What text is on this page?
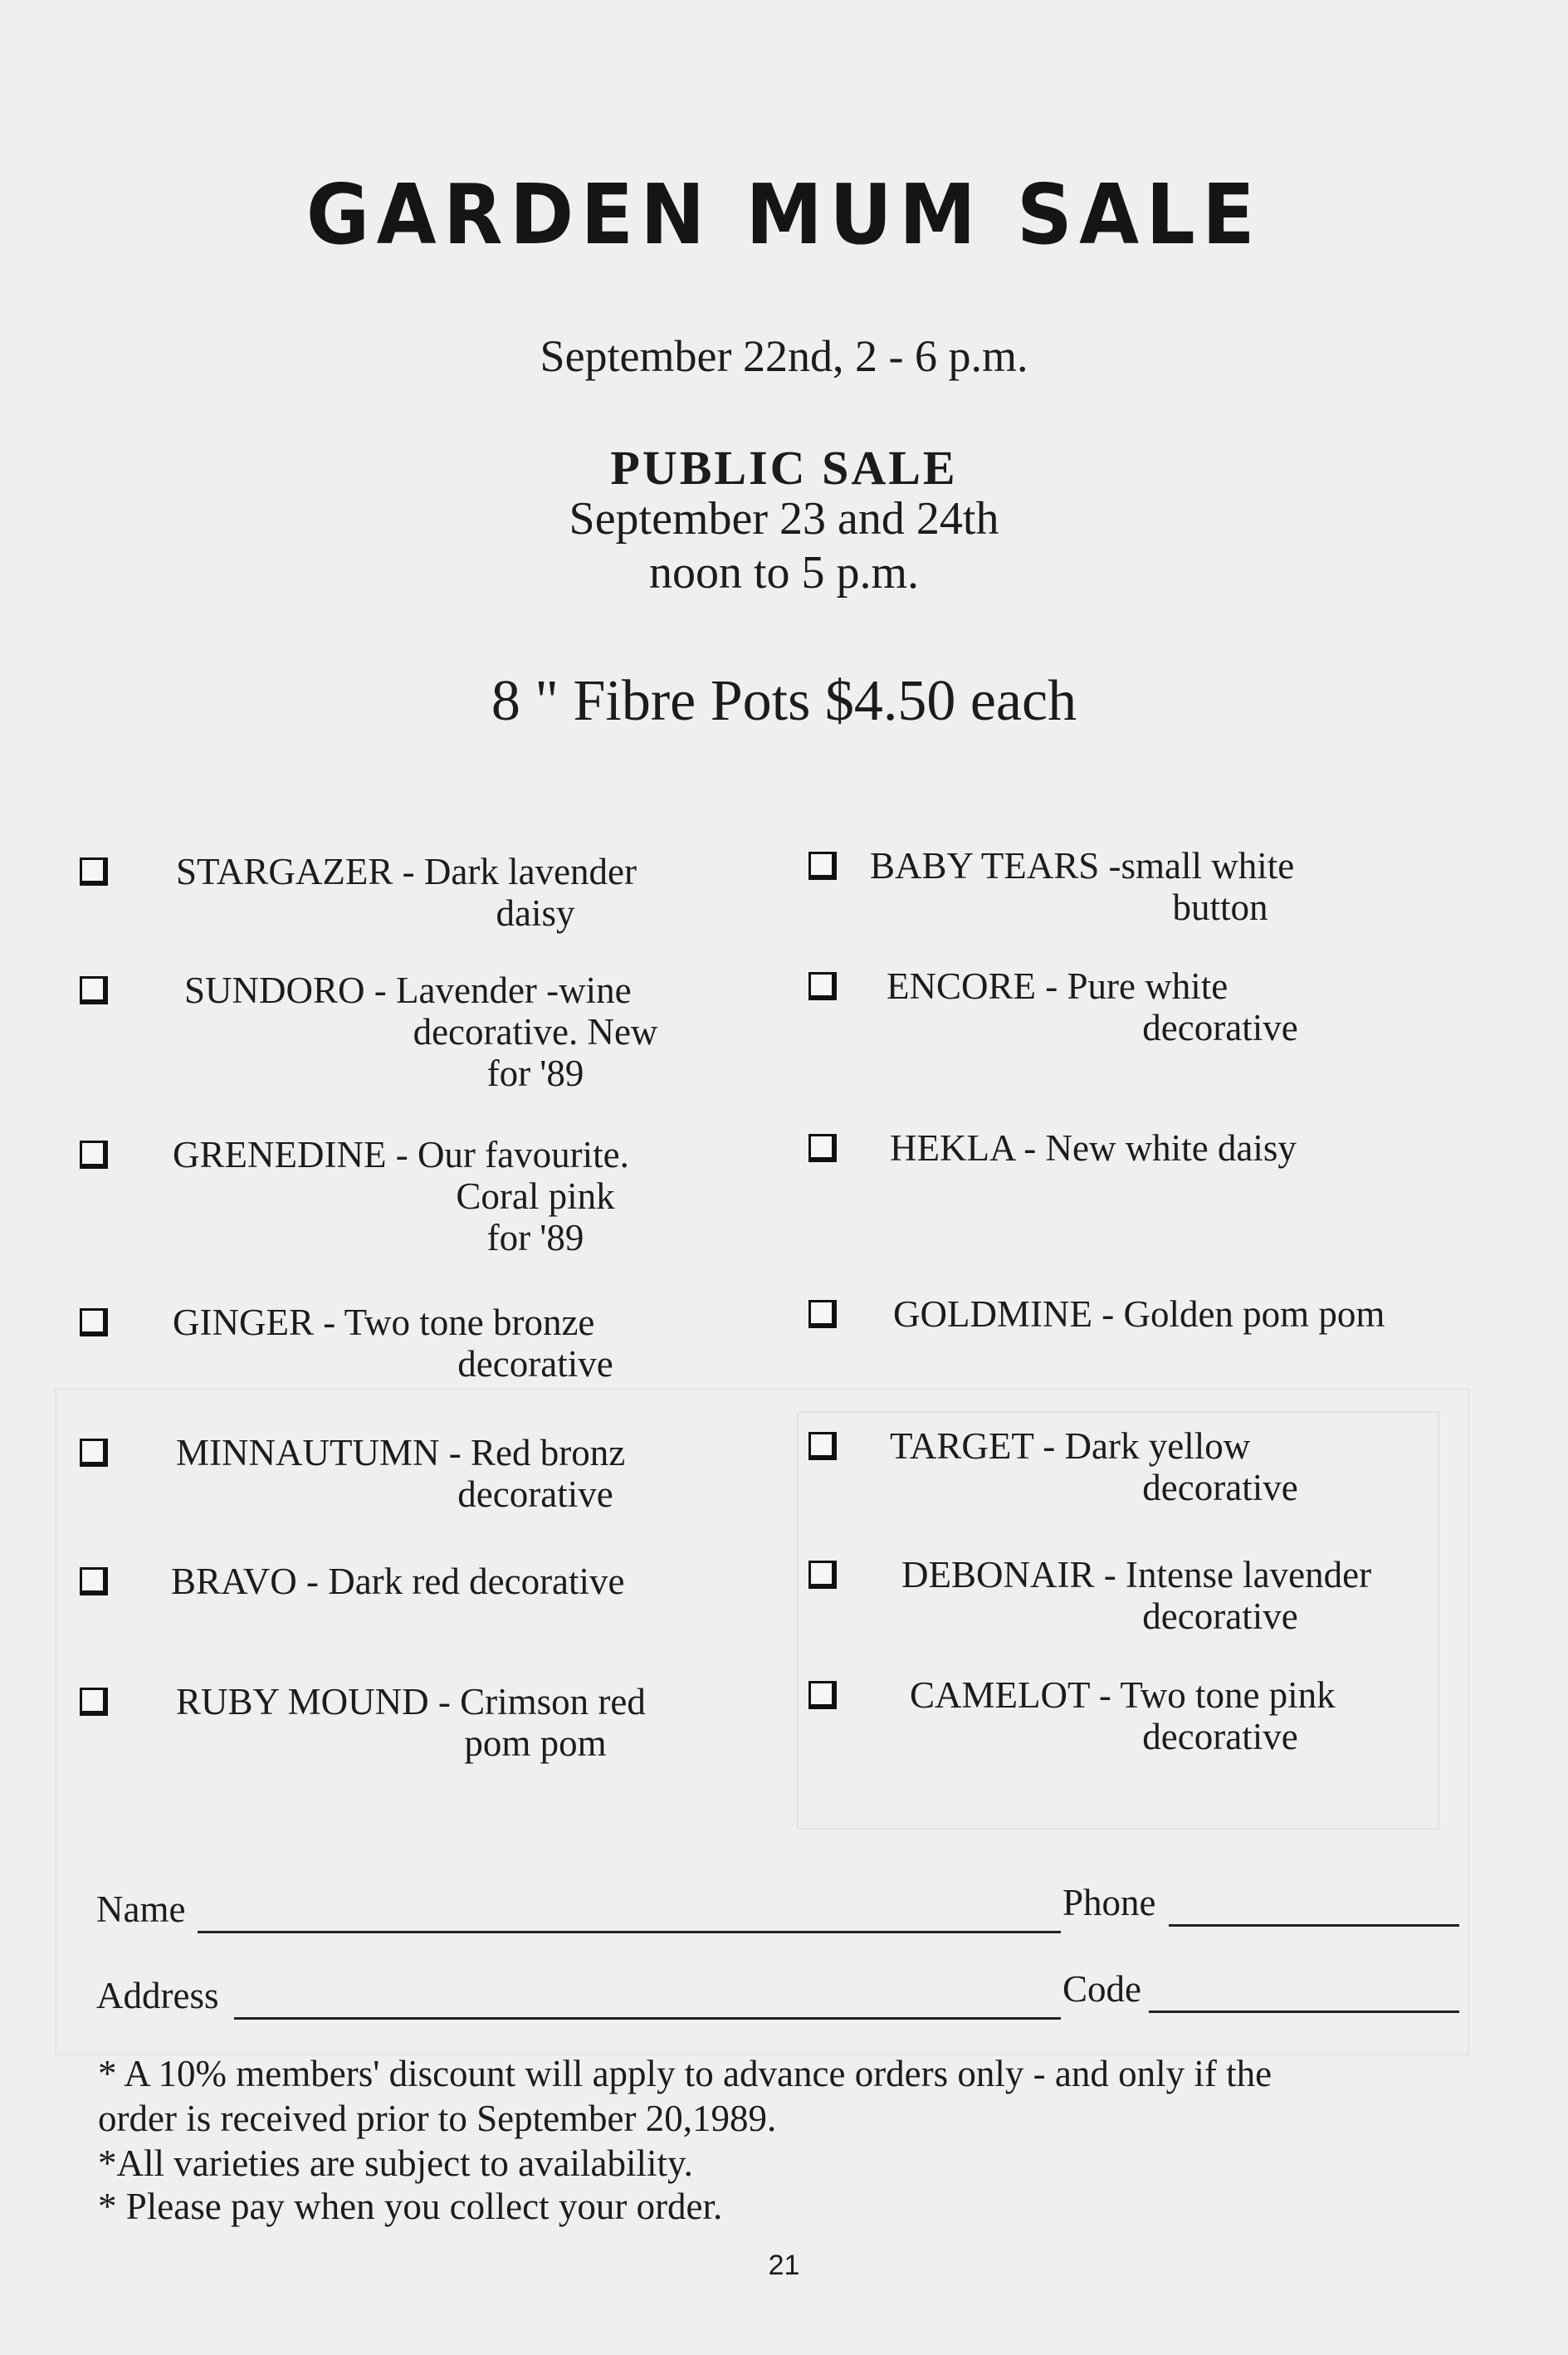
GARDEN MUM SALE
September 22nd, 2 - 6 p.m.
PUBLIC SALE
September 23 and 24th
noon to 5 p.m.
8 " Fibre Pots $4.50 each
STARGAZER - Dark lavender
daisy
SUNDORO - Lavender -wine
decorative. New
for '89
GRENEDINE - Our favourite.
Coral pink
for '89
GINGER - Two tone bronze
decorative
MINNAUTUMN - Red bronz
decorative
BRAVO - Dark red decorative
RUBY MOUND - Crimson red
pom pom
BABY TEARS -small white
button
ENCORE - Pure white
decorative
HEKLA - New white daisy
GOLDMINE - Golden pom pom
TARGET - Dark yellow
decorative
DEBONAIR - Intense lavender
decorative
CAMELOT - Two tone pink
decorative
Name	Phone
Address	Code
* A 10% members' discount will apply to advance orders only - and only if the
order is received prior to September 20,1989.
*All varieties are subject to availability.
* Please pay when you collect your order.
21
